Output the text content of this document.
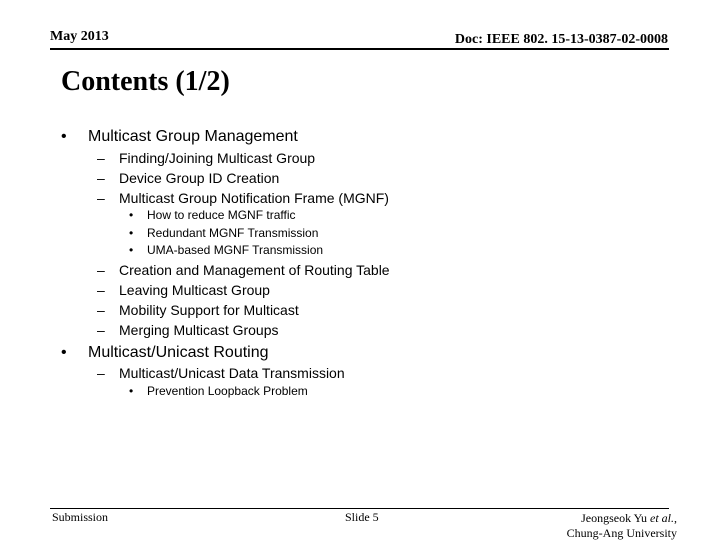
May 2013	Doc: IEEE 802. 15-13-0387-02-0008
Contents (1/2)
• Multicast Group Management
– Finding/Joining Multicast Group
– Device Group ID Creation
– Multicast Group Notification Frame (MGNF)
• How to reduce MGNF traffic
• Redundant MGNF Transmission
• UMA-based MGNF Transmission
– Creation and Management of Routing Table
– Leaving Multicast Group
– Mobility Support for Multicast
– Merging Multicast Groups
• Multicast/Unicast Routing
– Multicast/Unicast Data Transmission
• Prevention Loopback Problem
Submission	Slide 5	Jeongseok Yu et al.,
Chung-Ang University
